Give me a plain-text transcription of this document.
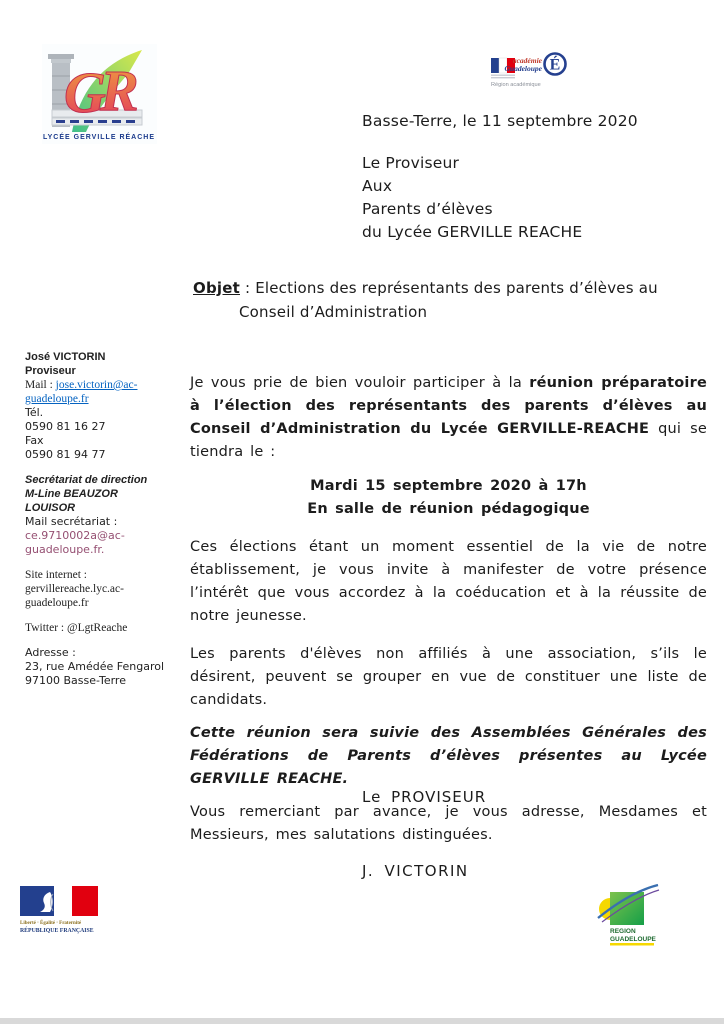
G
R
LYCÉE GERVILLE RÉACHE
académie
Guadeloupe É
Région académique
Basse-Terre, le 11 septembre 2020
Le Proviseur
Aux
Parents d’élèves
du Lycée GERVILLE REACHE
Objet : Elections des représentants des parents d’élèves au
Conseil d’Administration
José VICTORIN
Proviseur
Mail : jose.victorin@ac-guadeloupe.fr
Tél.
0590 81 16 27
Fax
0590 81 94 77
Secrétariat de direction
M-Line BEAUZOR LOUISOR
Mail secrétariat :
ce.9710002a@ac-guadeloupe.fr.
Site internet :
gervillereache.lyc.ac-guadeloupe.fr
Twitter : @LgtReache
Adresse :
23, rue Amédée Fengarol
97100 Basse-Terre

Je vous prie de bien vouloir participer à la réunion préparatoire à l’élection des représentants des parents d’élèves au Conseil d’Administration du Lycée GERVILLE-REACHE qui se tiendra le :

Mardi 15 septembre 2020 à 17h
En salle de réunion pédagogique

Ces élections étant un moment essentiel de la vie de notre établissement, je vous invite à manifester de votre présence l’intérêt que vous accordez à la coéducation et à la réussite de notre jeunesse.

Les parents d'élèves non affiliés à une association, s’ils le désirent, peuvent se grouper en vue de constituer une liste de candidats.

Cette réunion sera suivie des Assemblées Générales des Fédérations de Parents d’élèves présentes au Lycée GERVILLE REACHE.

Vous remerciant par avance, je vous adresse, Mesdames et Messieurs, mes salutations distinguées.

Le PROVISEUR
J. VICTORIN
Liberté · Égalité · Fraternité
RÉPUBLIQUE FRANÇAISE	REGION
GUADELOUPE
